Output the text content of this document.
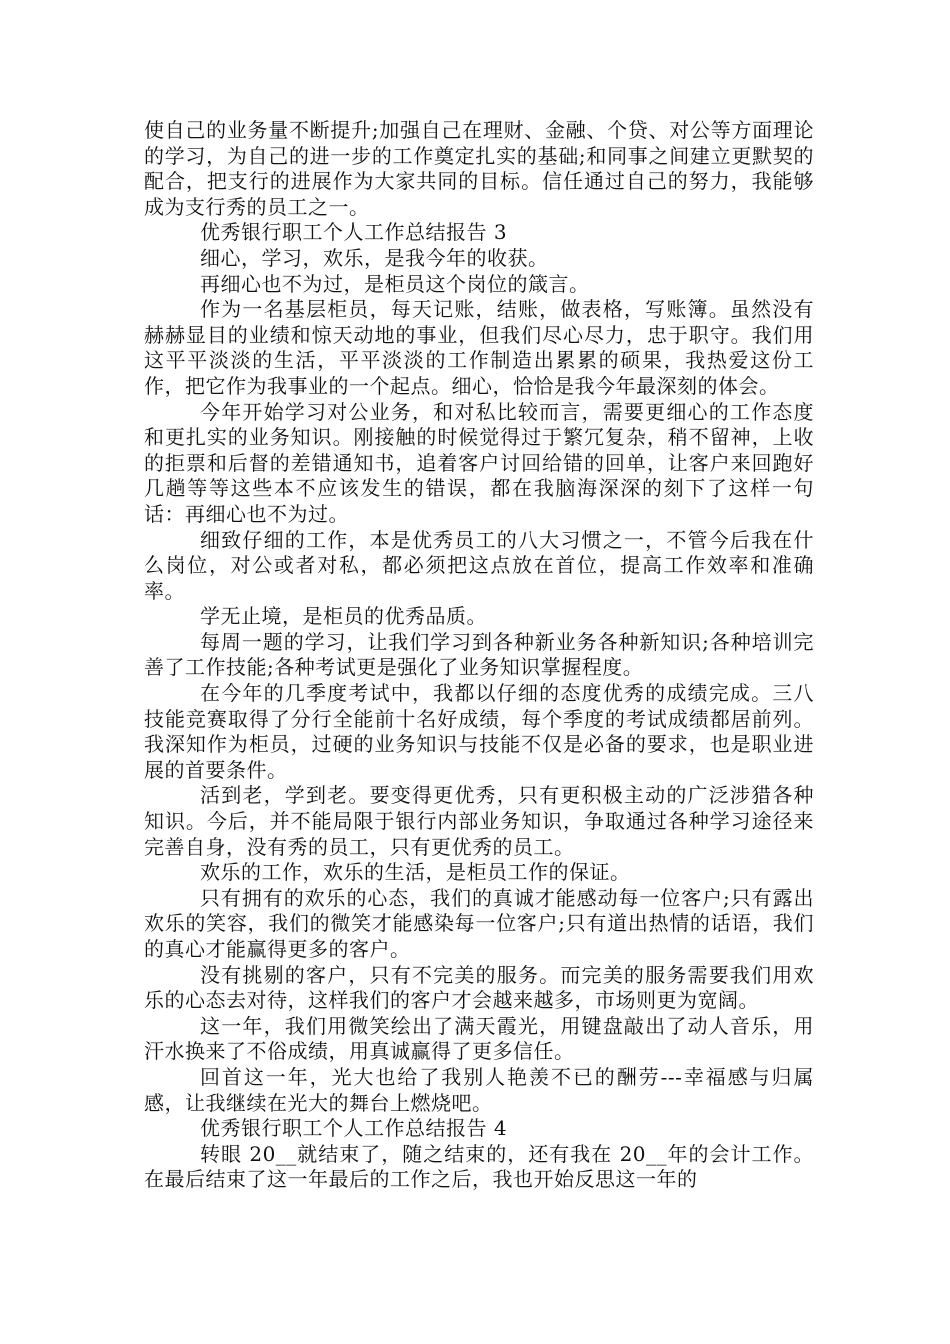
使自己的业务量不断提升;加强自己在理财、金融、个贷、对公等方面理论的学习，为自己的进一步的工作奠定扎实的基础;和同事之间建立更默契的配合，把支行的进展作为大家共同的目标。信任通过自己的努力，我能够成为支行秀的员工之一。

优秀银行职工个人工作总结报告 3

细心，学习，欢乐，是我今年的收获。

再细心也不为过，是柜员这个岗位的箴言。

作为一名基层柜员，每天记账，结账，做表格，写账簿。虽然没有赫赫显目的业绩和惊天动地的事业，但我们尽心尽力，忠于职守。我们用这平平淡淡的生活，平平淡淡的工作制造出累累的硕果，我热爱这份工作，把它作为我事业的一个起点。细心，恰恰是我今年最深刻的体会。

今年开始学习对公业务，和对私比较而言，需要更细心的工作态度和更扎实的业务知识。刚接触的时候觉得过于繁冗复杂，稍不留神，上收的拒票和后督的差错通知书，追着客户讨回给错的回单，让客户来回跑好几趟等等这些本不应该发生的错误，都在我脑海深深的刻下了这样一句话：再细心也不为过。

细致仔细的工作，本是优秀员工的八大习惯之一，不管今后我在什么岗位，对公或者对私，都必须把这点放在首位，提高工作效率和准确率。

学无止境，是柜员的优秀品质。

每周一题的学习，让我们学习到各种新业务各种新知识;各种培训完善了工作技能;各种考试更是强化了业务知识掌握程度。

在今年的几季度考试中，我都以仔细的态度优秀的成绩完成。三八技能竞赛取得了分行全能前十名好成绩，每个季度的考试成绩都居前列。我深知作为柜员，过硬的业务知识与技能不仅是必备的要求，也是职业进展的首要条件。

活到老，学到老。要变得更优秀，只有更积极主动的广泛涉猎各种知识。今后，并不能局限于银行内部业务知识，争取通过各种学习途径来完善自身，没有秀的员工，只有更优秀的员工。

欢乐的工作，欢乐的生活，是柜员工作的保证。

只有拥有的欢乐的心态，我们的真诚才能感动每一位客户;只有露出欢乐的笑容，我们的微笑才能感染每一位客户;只有道出热情的话语，我们的真心才能赢得更多的客户。

没有挑剔的客户，只有不完美的服务。而完美的服务需要我们用欢乐的心态去对待，这样我们的客户才会越来越多，市场则更为宽阔。

这一年，我们用微笑绘出了满天霞光，用键盘敲出了动人音乐，用汗水换来了不俗成绩，用真诚赢得了更多信任。

回首这一年，光大也给了我别人艳羡不已的酬劳---幸福感与归属感，让我继续在光大的舞台上燃烧吧。

优秀银行职工个人工作总结报告 4

转眼 20__就结束了，随之结束的，还有我在 20__年的会计工作。在最后结束了这一年最后的工作之后，我也开始反思这一年的
